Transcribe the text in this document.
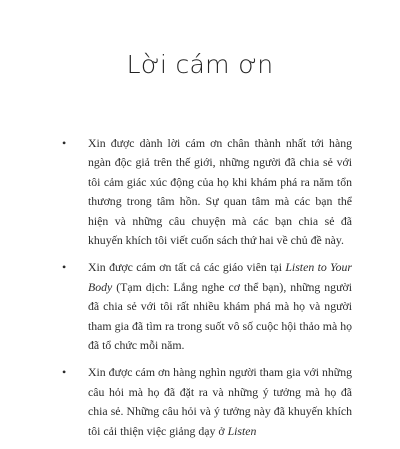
Lời cám ơn
• Xin được dành lời cám ơn chân thành nhất tới hàng ngàn độc giả trên thế giới, những người đã chia sẻ với tôi cảm giác xúc động của họ khi khám phá ra năm tổn thương trong tâm hồn. Sự quan tâm mà các bạn thể hiện và những câu chuyện mà các bạn chia sẻ đã khuyến khích tôi viết cuốn sách thứ hai về chủ đề này.
• Xin được cám ơn tất cả các giáo viên tại Listen to Your Body (Tạm dịch: Lắng nghe cơ thể bạn), những người đã chia sẻ với tôi rất nhiều khám phá mà họ và người tham gia đã tìm ra trong suốt vô số cuộc hội thảo mà họ đã tổ chức mỗi năm.
• Xin được cám ơn hàng nghìn người tham gia với những câu hỏi mà họ đã đặt ra và những ý tưởng mà họ đã chia sẻ. Những câu hỏi và ý tưởng này đã khuyến khích tôi cải thiện việc giảng dạy ở Listen
